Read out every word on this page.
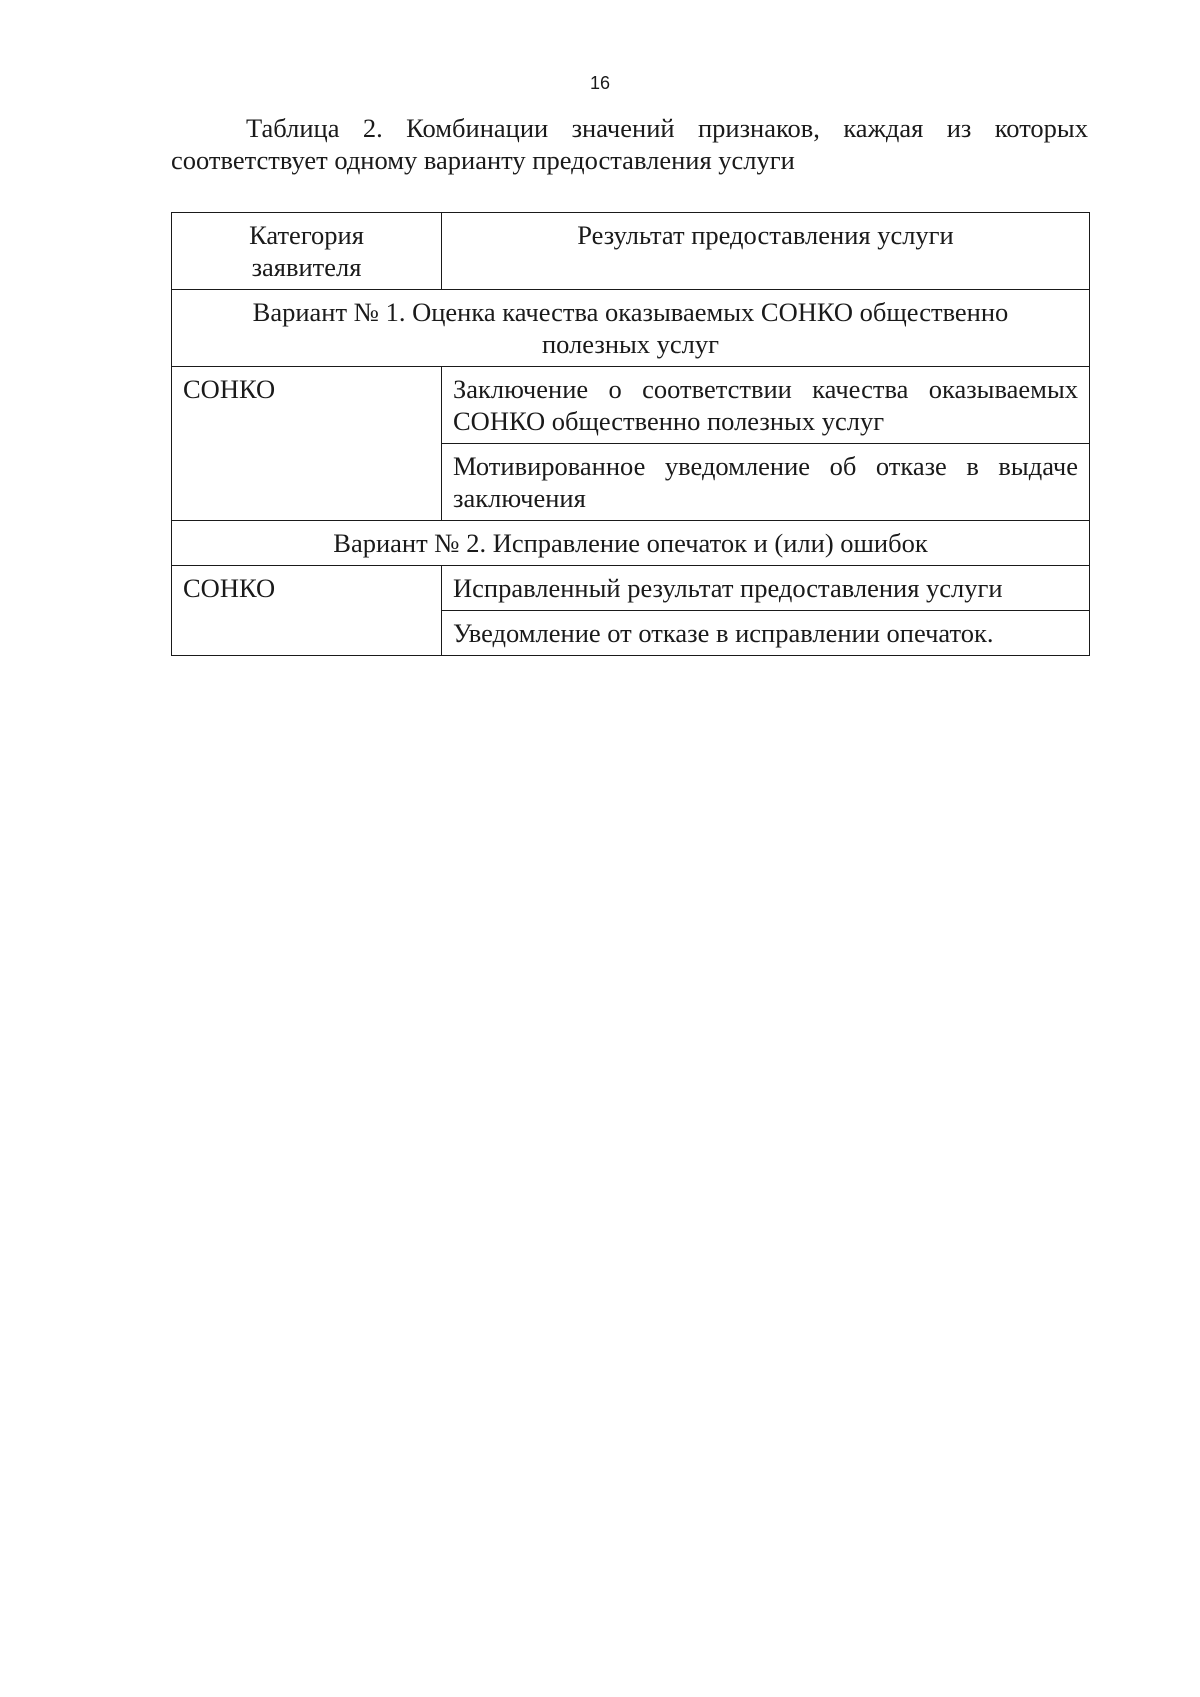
16

Таблица 2. Комбинации значений признаков, каждая из которых соответствует одному варианту предоставления услуги

Категория заявителя	Результат предоставления услуги
Вариант № 1. Оценка качества оказываемых СОНКО общественно полезных услуг	
СОНКО	Заключение о соответствии качества оказываемых СОНКО общественно полезных услуг
	Мотивированное уведомление об отказе в выдаче заключения
Вариант № 2. Исправление опечаток и (или) ошибок	
СОНКО	Исправленный результат предоставления услуги
	Уведомление от отказе в исправлении опечаток.
